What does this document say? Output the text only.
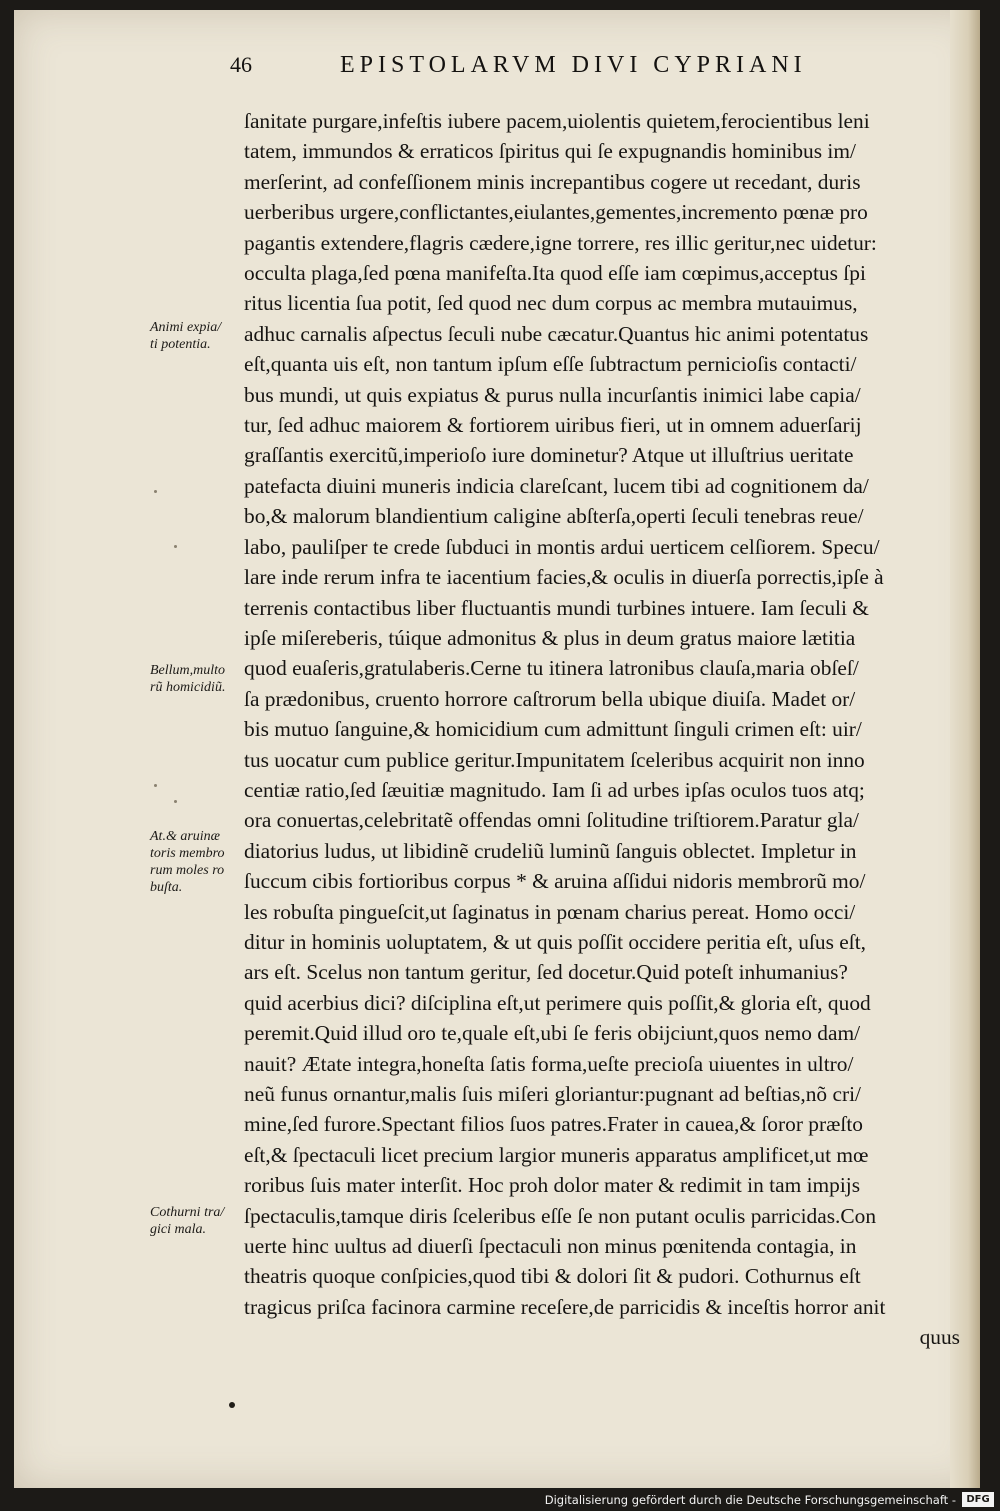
46	EPISTOLARVM DIVI CYPRIANI
ſanitate purgare,infeſtis iubere pacem,uiolentis quietem,ferocientibus leni
tatem, immundos & erraticos ſpiritus qui ſe expugnandis hominibus im/
merſerint, ad confeſſionem minis increpantibus cogere ut recedant, duris
uerberibus urgere,conflictantes,eiulantes,gementes,incremento pœnæ pro
pagantis extendere,flagris cædere,igne torrere, res illic geritur,nec uidetur:
occulta plaga,ſed pœna manifeſta.Ita quod eſſe iam cœpimus,acceptus ſpi
ritus licentia ſua potit, ſed quod nec dum corpus ac membra mutauimus,
adhuc carnalis aſpectus ſeculi nube cæcatur.Quantus hic animi potentatus
eſt,quanta uis eſt, non tantum ipſum eſſe ſubtractum pernicioſis contacti/
bus mundi, ut quis expiatus & purus nulla incurſantis inimici labe capia/
tur, ſed adhuc maiorem & fortiorem uiribus fieri, ut in omnem aduerſarij
graſſantis exercitũ,imperioſo iure dominetur? Atque ut illuſtrius ueritate
patefacta diuini muneris indicia clareſcant, lucem tibi ad cognitionem da/
bo,& malorum blandientium caligine abſterſa,operti ſeculi tenebras reue/
labo, pauliſper te crede ſubduci in montis ardui uerticem celſiorem. Specu/
lare inde rerum infra te iacentium facies,& oculis in diuerſa porrectis,ipſe à
terrenis contactibus liber fluctuantis mundi turbines intuere. Iam ſeculi &
ipſe miſereberis, túique admonitus & plus in deum gratus maiore lætitia
quod euaſeris,gratulaberis.Cerne tu itinera latronibus clauſa,maria obſeſ/
ſa prædonibus, cruento horrore caſtrorum bella ubique diuiſa. Madet or/
bis mutuo ſanguine,& homicidium cum admittunt ſinguli crimen eſt: uir/
tus uocatur cum publice geritur.Impunitatem ſceleribus acquirit non inno
centiæ ratio,ſed ſæuitiæ magnitudo. Iam ſi ad urbes ipſas oculos tuos atq;
ora conuertas,celebritatẽ offendas omni ſolitudine triſtiorem.Paratur gla/
diatorius ludus, ut libidinẽ crudeliũ luminũ ſanguis oblectet. Impletur in
ſuccum cibis fortioribus corpus * & aruina aſſidui nidoris membrorũ mo/
les robuſta pingueſcit,ut ſaginatus in pœnam charius pereat. Homo occi/
ditur in hominis uoluptatem, & ut quis poſſit occidere peritia eſt, uſus eſt,
ars eſt. Scelus non tantum geritur, ſed docetur.Quid poteſt inhumanius?
quid acerbius dici? diſciplina eſt,ut perimere quis poſſit,& gloria eſt, quod
peremit.Quid illud oro te,quale eſt,ubi ſe feris obijciunt,quos nemo dam/
nauit? Ætate integra,honeſta ſatis forma,ueſte precioſa uiuentes in ultro/
neũ funus ornantur,malis ſuis miſeri gloriantur:pugnant ad beſtias,nõ cri/
mine,ſed furore.Spectant filios ſuos patres.Frater in cauea,& ſoror præſto
eſt,& ſpectaculi licet precium largior muneris apparatus amplificet,ut mœ
roribus ſuis mater interſit. Hoc proh dolor mater & redimit in tam impijs
ſpectaculis,tamque diris ſceleribus eſſe ſe non putant oculis parricidas.Con
uerte hinc uultus ad diuerſi ſpectaculi non minus pœnitenda contagia, in
theatris quoque conſpicies,quod tibi & dolori ſit & pudori. Cothurnus eſt
tragicus priſca facinora carmine receſere,de parricidis & inceſtis horror anit
quus
Animi expia/
ti potentia.
Bellum,multo
rũ homicidiũ.
At.& aruinæ
toris membro
rum moles ro
buſta.
Cothurni tra/
gici mala.
Digitalisierung gefördert durch die Deutsche Forschungsgemeinschaft -	DFG
